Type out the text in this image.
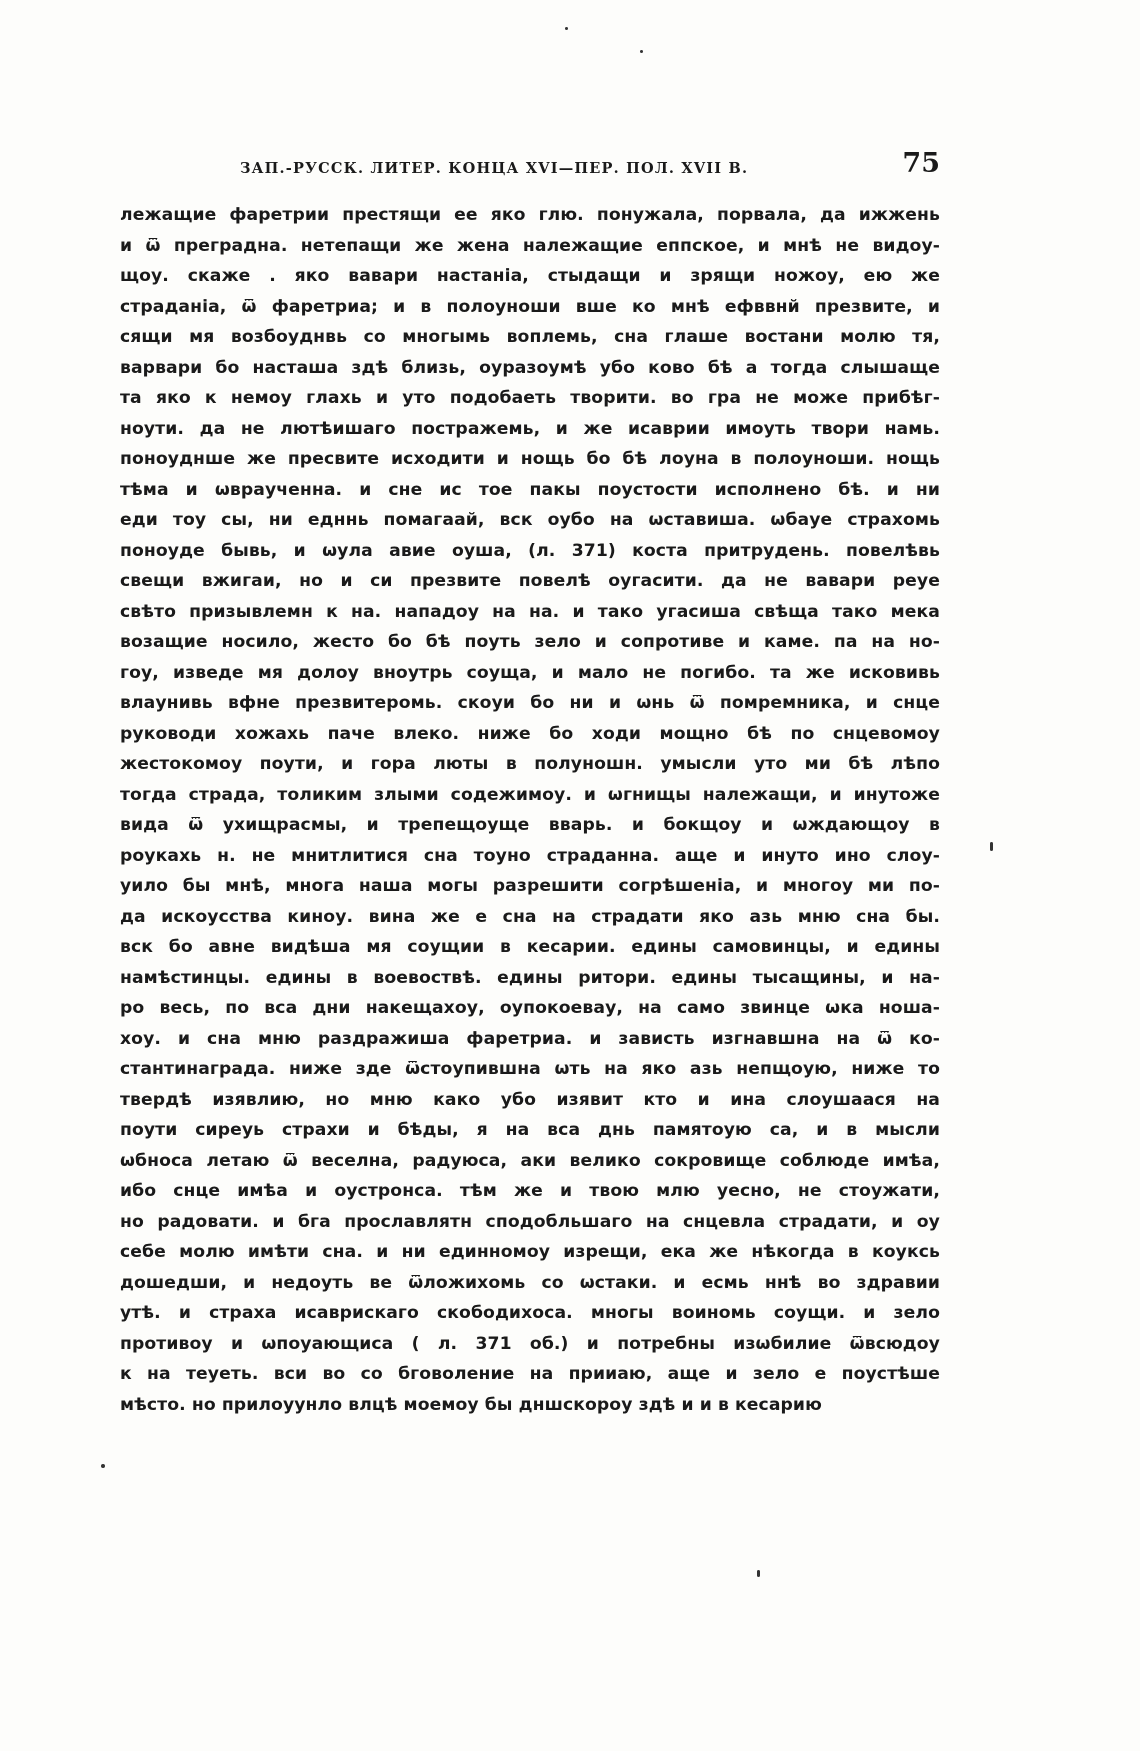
ЗАП.-РУССК. ЛИТЕР. КОНЦА XVI—ПЕР. ПОЛ. XVII В.	75
лежащие фаретрии престящи ее яко глю. понужала, порвала, да ижжень
и ѿ преградна. нетепащи же жена належащие еппское, и мнѣ не видоу-
щоу. скаже . яко вавари настаніа, стыдащи и зрящи ножоу, ею же
страданіа, ѿ фаретриа; и в полоуноши вше ко мнѣ ефввнй презвите, и
сящи мя возбоуднвь со многымь воплемь, сна глаше востани молю тя,
варвари бо насташа здѣ близь, оуразоумѣ убо ково бѣ а тогда слышаще
та яко к немоу глахь и уто подобаеть творити. во гра не може прибѣг-
ноути. да не лютѣишаго постражемь, и же исаврии имоуть твори намь.
поноуднше же пресвите исходити и нощь бо бѣ лоуна в полоуноши. нощь
тѣма и ѡвраученна. и сне ис тое пакы поустости исполнено бѣ. и ни
еди тоу сы, ни едннь помагаай, вск оубо на ѡставиша. ѡбауе страхомь
поноуде бывь, и ѡула авие оуша, (л. 371) коста притрудень. повелѣвь
свещи вжигаи, но и си презвите повелѣ оугасити. да не вавари реуе
свѣто призывлемн к на. нападоу на на. и тако угасиша свѣща тако мека
возащие носило, жесто бо бѣ поуть зело и сопротиве и каме. па на но-
гоу, изведе мя долоу вноутрь соуща, и мало не погибо. та же исковивь
влаунивь вфне презвитеромь. скоуи бо ни и ѡнь ѿ помремника, и снце
руководи хожахь паче влеко. ниже бо ходи мощно бѣ по снцевомоу
жестокомоу поути, и гора люты в полуношн. умысли уто ми бѣ лѣпо
тогда страда, толиким злыми содежимоу. и ѡгнищы належащи, и инутоже
вида ѿ ухищрасмы, и трепещоуще вварь. и бокщоу и ѡждающоу в
роукахь н. не мнитлитися сна тоуно страданна. аще и инуто ино слоу-
уило бы мнѣ, многа наша могы разрешити согрѣшеніа, и многоу ми по-
да искоусства киноу. вина же е сна на страдати яко азь мню сна бы.
вск бо авне видѣша мя соущии в кесарии. едины самовинцы, и едины
намѣстинцы. едины в воевоствѣ. едины ритори. едины тысащины, и на-
ро весь, по вса дни накещахоу, оупокоевау, на само звинце ѡка ноша-
хоу. и сна мню раздражиша фаретриа. и зависть изгнавшна на ѿ ко-
стантинаграда. ниже зде ѿстоупившна ѡть на яко азь непщоую, ниже то
твердѣ изявлию, но мню како убо изявит кто и ина слоушаася на
поути сиреуь страхи и бѣды, я на вса днь памятоую са, и в мысли
ѡбноса летаю ѿ веселна, радуюса, аки велико сокровище соблюде имѣа,
ибо снце имѣа и оустронса. тѣм же и твою млю уесно, не стоужати,
но радовати. и бга прославлятн сподобльшаго на снцевла страдати, и оу
себе молю имѣти сна. и ни единномоу изрещи, ека же нѣкогда в коуксь
дошедши, и недоуть ве ѿложихомь со ѡстаки. и есмь ннѣ во здравии
утѣ. и страха исаврискаго скободихоса. многы воиномь соущи. и зело
противоу и ѡпоуающиса ( л. 371 об.) и потребны изѡбилие ѿвсюдоу
к на теуеть. вси во со бговоление на прииаю, аще и зело е поустѣше
мѣсто. но прилоуунло влцѣ моемоу бы дншскороу здѣ и и в кесарию
